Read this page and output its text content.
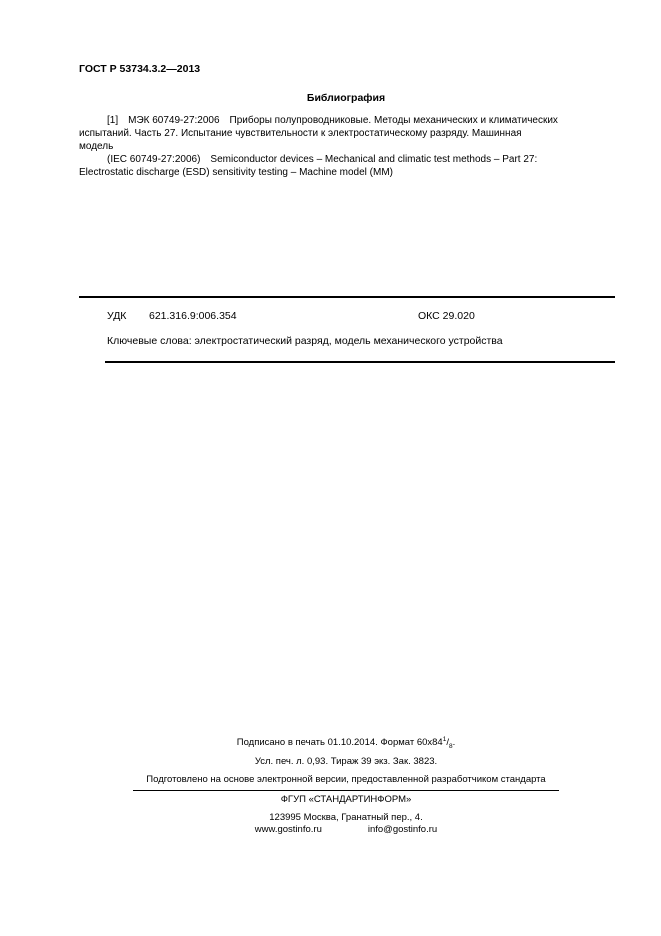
ГОСТ Р 53734.3.2—2013
Библиография

[1] МЭК 60749-27:2006 Приборы полупроводниковые. Методы механических и климатических

испытаний. Часть 27. Испытание чувствительности к электростатическому разряду. Машинная

модель

(IEC 60749-27:2006) Semiconductor devices – Mechanical and climatic test methods – Part 27:

Electrostatic discharge (ESD) sensitivity testing – Machine model (MM)

УДК 621.316.9:006.354	ОКС 29.020
Ключевые слова: электростатический разряд, модель механического устройства
Подписано в печать 01.10.2014. Формат $60x84^1/_8$.
Усл. печ. л. 0,93. Тираж 39 экз. Зак. 3823.
Подготовлено на основе электронной версии, предоставленной разработчиком стандарта
ФГУП «СТАНДАРТИНФОРМ»
123995 Москва, Гранатный пер., 4.
www.gostinfo.ru	info@gostinfo.ru
